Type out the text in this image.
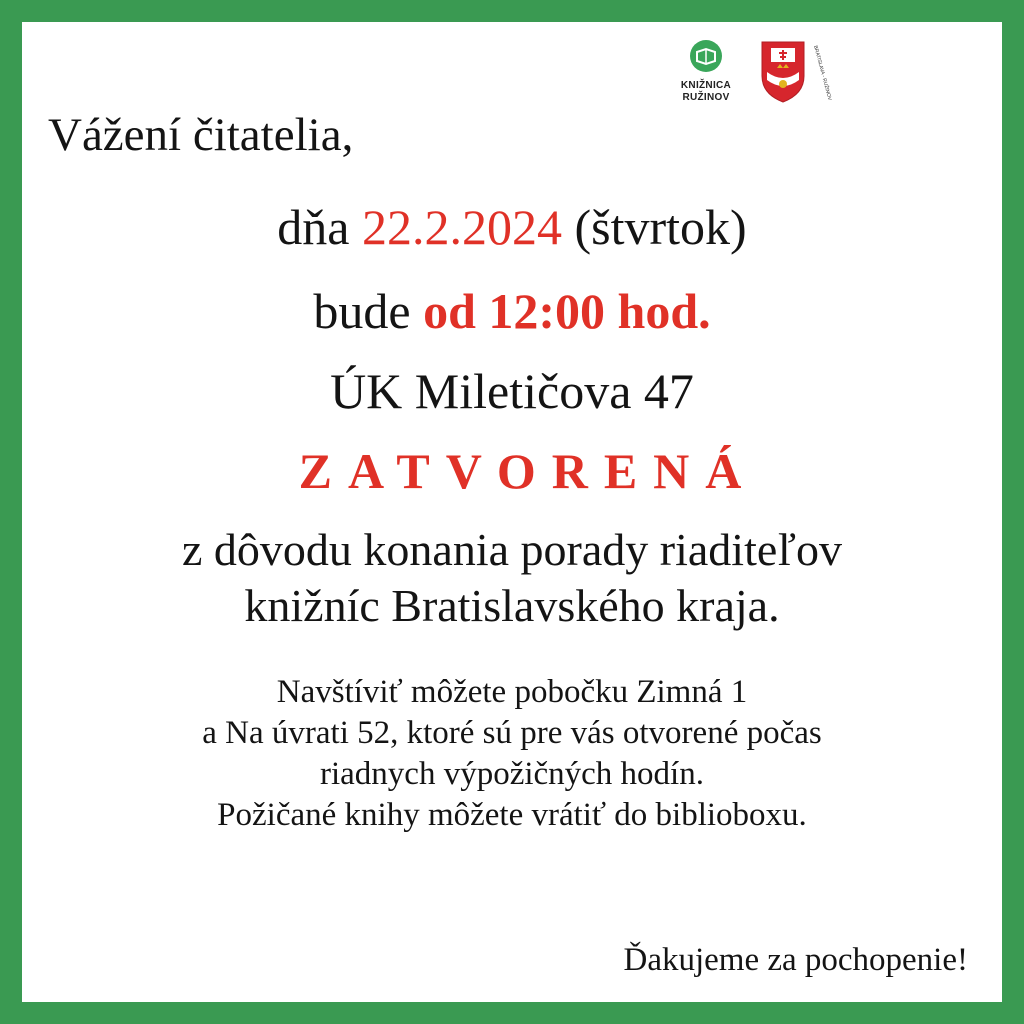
KNIŽNICA
RUŽINOV	BRATISLAVA - RUŽINOV
Vážení čitatelia,
dňa 22.2.2024 (štvrtok)
bude od 12:00 hod.
ÚK Miletičova 47
ZATVORENÁ
z dôvodu konania porady riaditeľov
knižníc Bratislavského kraja.
Navštíviť môžete pobočku Zimná 1
a Na úvrati 52, ktoré sú pre vás otvorené počas
riadnych výpožičných hodín.
Požičané knihy môžete vrátiť do biblioboxu.
Ďakujeme za pochopenie!
